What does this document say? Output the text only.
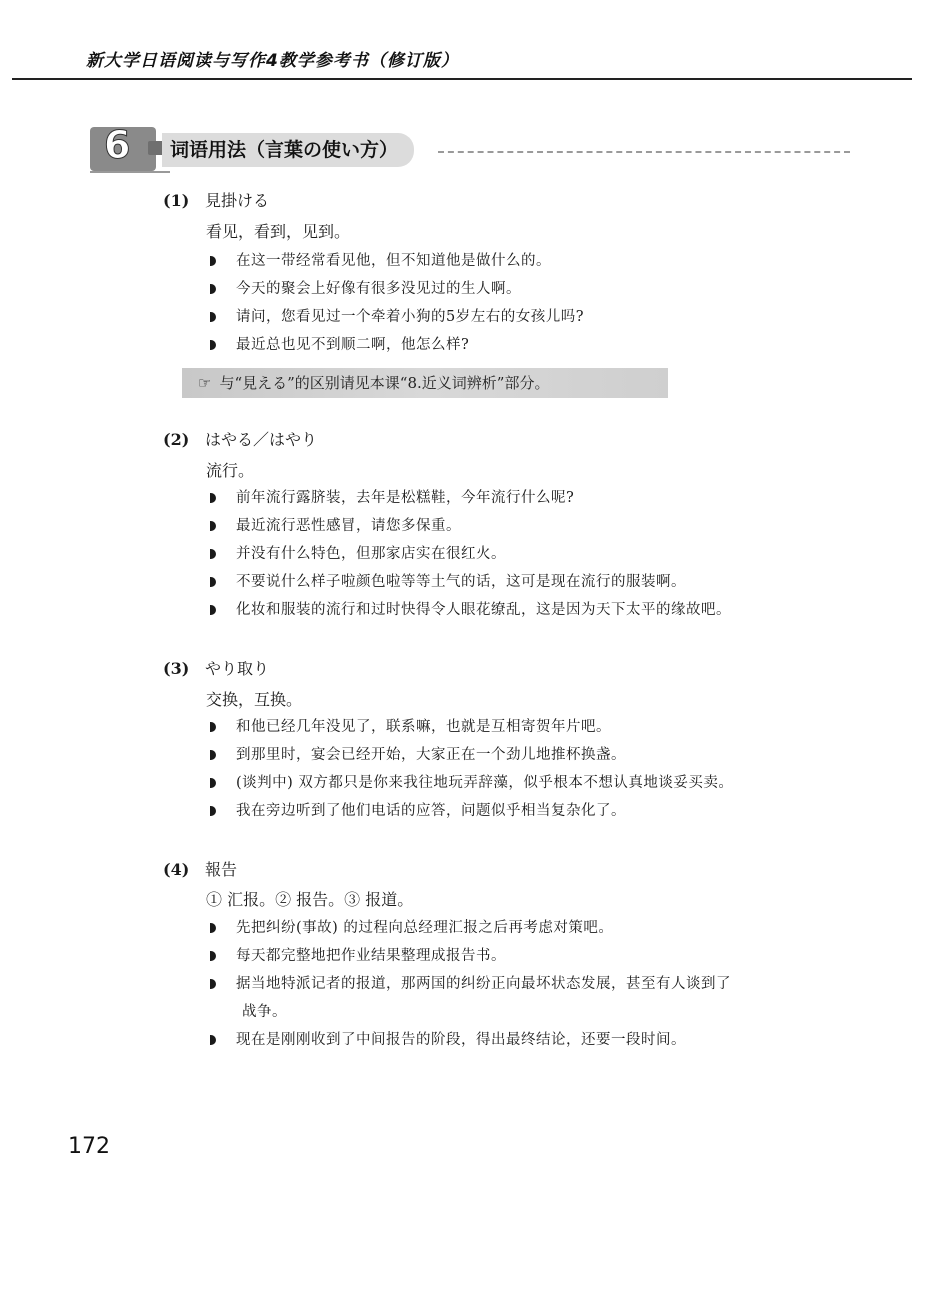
新大学日语阅读与写作4教学参考书（修订版）
6	词语用法（言葉の使い方）
(1) 見掛ける
看见，看到，见到。
在这一带经常看见他，但不知道他是做什么的。
今天的聚会上好像有很多没见过的生人啊。
请问，您看见过一个牵着小狗的5岁左右的女孩儿吗?
最近总也见不到顺二啊，他怎么样?
☞ 与“見える”的区别请见本课“8.近义词辨析”部分。
(2) はやる／はやり
流行。
前年流行露脐装，去年是松糕鞋，今年流行什么呢?
最近流行恶性感冒，请您多保重。
并没有什么特色，但那家店实在很红火。
不要说什么样子啦颜色啦等等土气的话，这可是现在流行的服装啊。
化妆和服装的流行和过时快得令人眼花缭乱，这是因为天下太平的缘故吧。
(3) やり取り
交换，互换。
和他已经几年没见了，联系嘛，也就是互相寄贺年片吧。
到那里时，宴会已经开始，大家正在一个劲儿地推杯换盏。
(谈判中) 双方都只是你来我往地玩弄辞藻，似乎根本不想认真地谈妥买卖。
我在旁边听到了他们电话的应答，问题似乎相当复杂化了。
(4) 報告
① 汇报。② 报告。③ 报道。
先把纠纷(事故) 的过程向总经理汇报之后再考虑对策吧。
每天都完整地把作业结果整理成报告书。
据当地特派记者的报道，那两国的纠纷正向最坏状态发展，甚至有人谈到了
战争。
现在是刚刚收到了中间报告的阶段，得出最终结论，还要一段时间。
172
